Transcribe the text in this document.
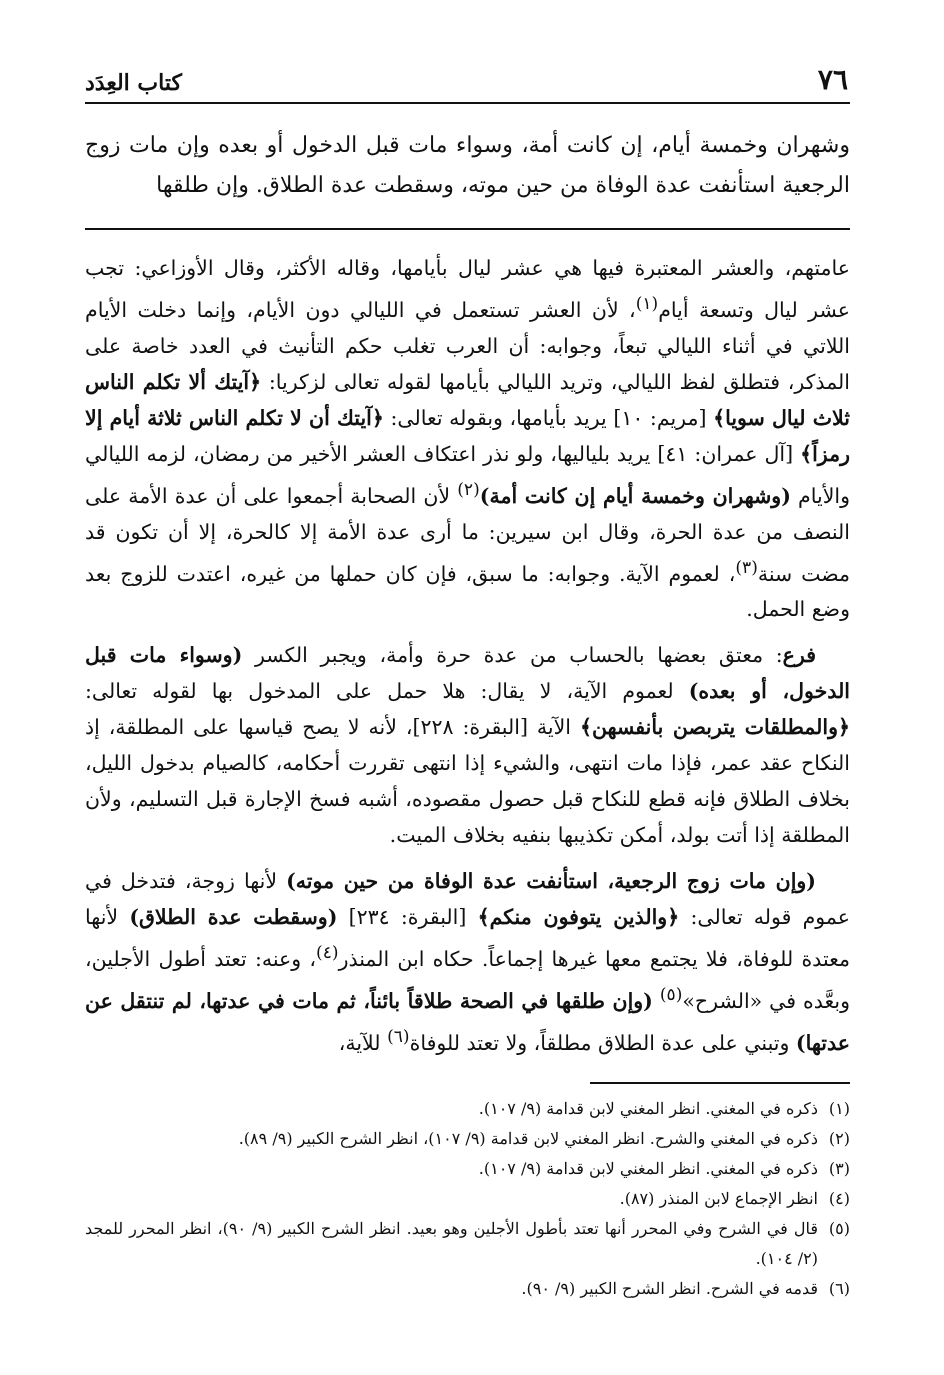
٧٦
كتاب العِدَد

وشهران وخمسة أيام، إن كانت أمة، وسواء مات قبل الدخول أو بعده وإن مات زوج الرجعية استأنفت عدة الوفاة من حين موته، وسقطت عدة الطلاق. وإن طلقها

عامتهم، والعشر المعتبرة فيها هي عشر ليال بأيامها، وقاله الأكثر، وقال الأوزاعي: تجب عشر ليال وتسعة أيام$^{(١)}$، لأن العشر تستعمل في الليالي دون الأيام، وإنما دخلت الأيام اللاتي في أثناء الليالي تبعاً، وجوابه: أن العرب تغلب حكم التأنيث في العدد خاصة على المذكر، فتطلق لفظ الليالي، وتريد الليالي بأيامها لقوله تعالى لزكريا: ﴿آيتك ألا تكلم الناس ثلاث ليال سويا﴾ [مريم: ١٠] يريد بأيامها، وبقوله تعالى: ﴿آيتك أن لا تكلم الناس ثلاثة أيام إلا رمزاً﴾ [آل عمران: ٤١] يريد بلياليها، ولو نذر اعتكاف العشر الأخير من رمضان، لزمه الليالي والأيام (وشهران وخمسة أيام إن كانت أمة)$^{(٢)}$ لأن الصحابة أجمعوا على أن عدة الأمة على النصف من عدة الحرة، وقال ابن سيرين: ما أرى عدة الأمة إلا كالحرة، إلا أن تكون قد مضت سنة$^{(٣)}$، لعموم الآية. وجوابه: ما سبق، فإن كان حملها من غيره، اعتدت للزوج بعد وضع الحمل.

فرع: معتق بعضها بالحساب من عدة حرة وأمة، ويجبر الكسر (وسواء مات قبل الدخول، أو بعده) لعموم الآية، لا يقال: هلا حمل على المدخول بها لقوله تعالى: ﴿والمطلقات يتربصن بأنفسهن﴾ الآية [البقرة: ٢٢٨]، لأنه لا يصح قياسها على المطلقة، إذ النكاح عقد عمر، فإذا مات انتهى، والشيء إذا انتهى تقررت أحكامه، كالصيام بدخول الليل، بخلاف الطلاق فإنه قطع للنكاح قبل حصول مقصوده، أشبه فسخ الإجارة قبل التسليم، ولأن المطلقة إذا أتت بولد، أمكن تكذيبها بنفيه بخلاف الميت.

(وإن مات زوج الرجعية، استأنفت عدة الوفاة من حين موته) لأنها زوجة، فتدخل في عموم قوله تعالى: ﴿والذين يتوفون منكم﴾ [البقرة: ٢٣٤] (وسقطت عدة الطلاق) لأنها معتدة للوفاة، فلا يجتمع معها غيرها إجماعاً. حكاه ابن المنذر$^{(٤)}$، وعنه: تعتد أطول الأجلين، وبعَّده في «الشرح»$^{(٥)}$ (وإن طلقها في الصحة طلاقاً بائناً، ثم مات في عدتها، لم تنتقل عن عدتها) وتبني على عدة الطلاق مطلقاً، ولا تعتد للوفاة$^{(٦)}$ للآية،

(١)
ذكره في المغني. انظر المغني لابن قدامة (٩/ ١٠٧).
(٢)
ذكره في المغني والشرح. انظر المغني لابن قدامة (٩/ ١٠٧)، انظر الشرح الكبير (٩/ ٨٩).
(٣)
ذكره في المغني. انظر المغني لابن قدامة (٩/ ١٠٧).
(٤)
انظر الإجماع لابن المنذر (٨٧).
(٥)
قال في الشرح وفي المحرر أنها تعتد بأطول الأجلين وهو بعيد. انظر الشرح الكبير (٩/ ٩٠)، انظر المحرر للمجد (٢/ ١٠٤).
(٦)
قدمه في الشرح. انظر الشرح الكبير (٩/ ٩٠).
